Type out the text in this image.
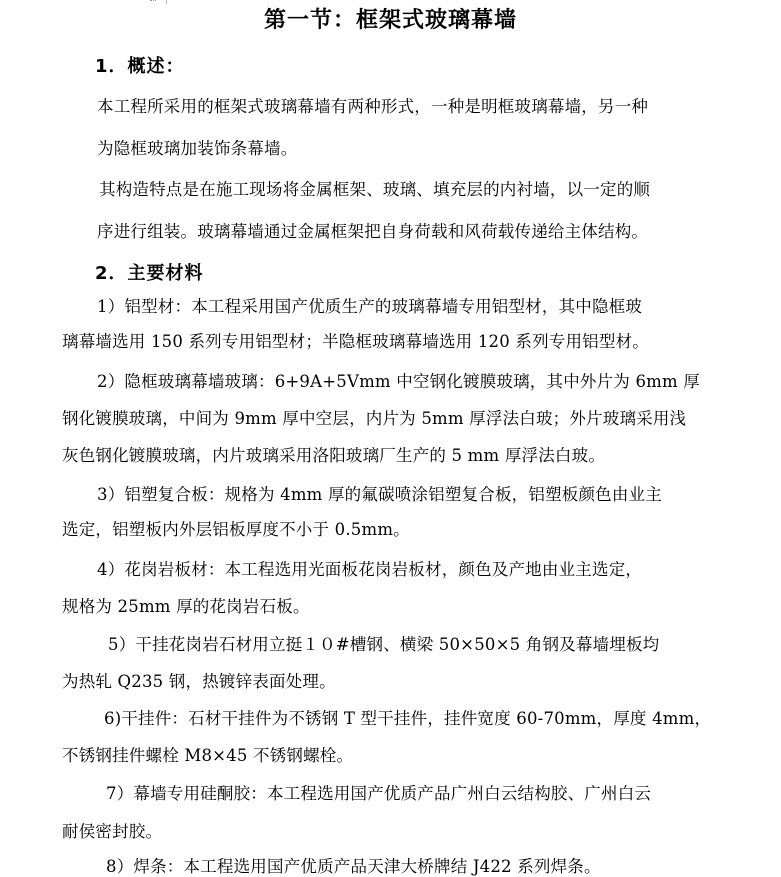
第一节：框架式玻璃幕墙
1．概述：
本工程所采用的框架式玻璃幕墙有两种形式，一种是明框玻璃幕墙，另一种
为隐框玻璃加装饰条幕墙。
其构造特点是在施工现场将金属框架、玻璃、填充层的内衬墙，以一定的顺
序进行组装。玻璃幕墙通过金属框架把自身荷载和风荷载传递给主体结构。
2．主要材料
1）铝型材：本工程采用国产优质生产的玻璃幕墙专用铝型材，其中隐框玻
璃幕墙选用 150 系列专用铝型材；半隐框玻璃幕墙选用 120 系列专用铝型材。
2）隐框玻璃幕墙玻璃：6+9A+5Vmm 中空钢化镀膜玻璃，其中外片为 6mm 厚
钢化镀膜玻璃，中间为 9mm 厚中空层，内片为 5mm 厚浮法白玻；外片玻璃采用浅
灰色钢化镀膜玻璃，内片玻璃采用洛阳玻璃厂生产的 5 mm 厚浮法白玻。
3）铝塑复合板：规格为 4mm 厚的氟碳喷涂铝塑复合板，铝塑板颜色由业主
选定，铝塑板内外层铝板厚度不小于 0.5mm。
4）花岗岩板材：本工程选用光面板花岗岩板材，颜色及产地由业主选定，
规格为 25mm 厚的花岗岩石板。
5）干挂花岗岩石材用立挺１０#槽钢、横梁 50×50×5 角钢及幕墙埋板均
为热轧 Q235 钢，热镀锌表面处理。
6)干挂件：石材干挂件为不锈钢 T 型干挂件，挂件宽度 60-70mm，厚度 4mm，
不锈钢挂件螺栓 M8×45 不锈钢螺栓。
7）幕墙专用硅酮胶：本工程选用国产优质产品广州白云结构胶、广州白云
耐侯密封胶。
8）焊条：本工程选用国产优质产品天津大桥牌结 J422 系列焊条。
